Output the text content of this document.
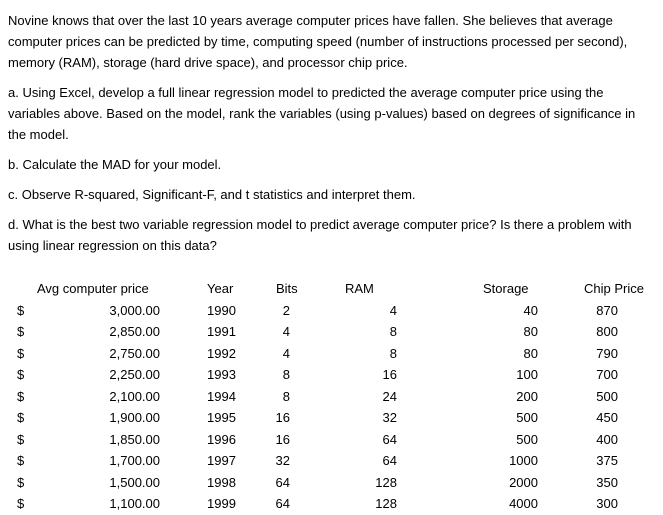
Novine knows that over the last 10 years average computer prices have fallen. She believes that average computer prices can be predicted by time, computing speed (number of instructions processed per second), memory (RAM), storage (hard drive space), and processor chip price.

a. Using Excel, develop a full linear regression model to predicted the average computer price using the variables above. Based on the model, rank the variables (using p-values) based on degrees of significance in the model.

b. Calculate the MAD for your model.

c. Observe R-squared, Significant-F, and t statistics and interpret them.

d. What is the best two variable regression model to predict average computer price? Is there a problem with using linear regression on this data?

Avg computer price	Year	Bits	RAM	Storage	Chip Price
$	3,000.00	1990	2	4	40	870
$	2,850.00	1991	4	8	80	800
$	2,750.00	1992	4	8	80	790
$	2,250.00	1993	8	16	100	700
$	2,100.00	1994	8	24	200	500
$	1,900.00	1995	16	32	500	450
$	1,850.00	1996	16	64	500	400
$	1,700.00	1997	32	64	1000	375
$	1,500.00	1998	64	128	2000	350
$	1,100.00	1999	64	128	4000	300
